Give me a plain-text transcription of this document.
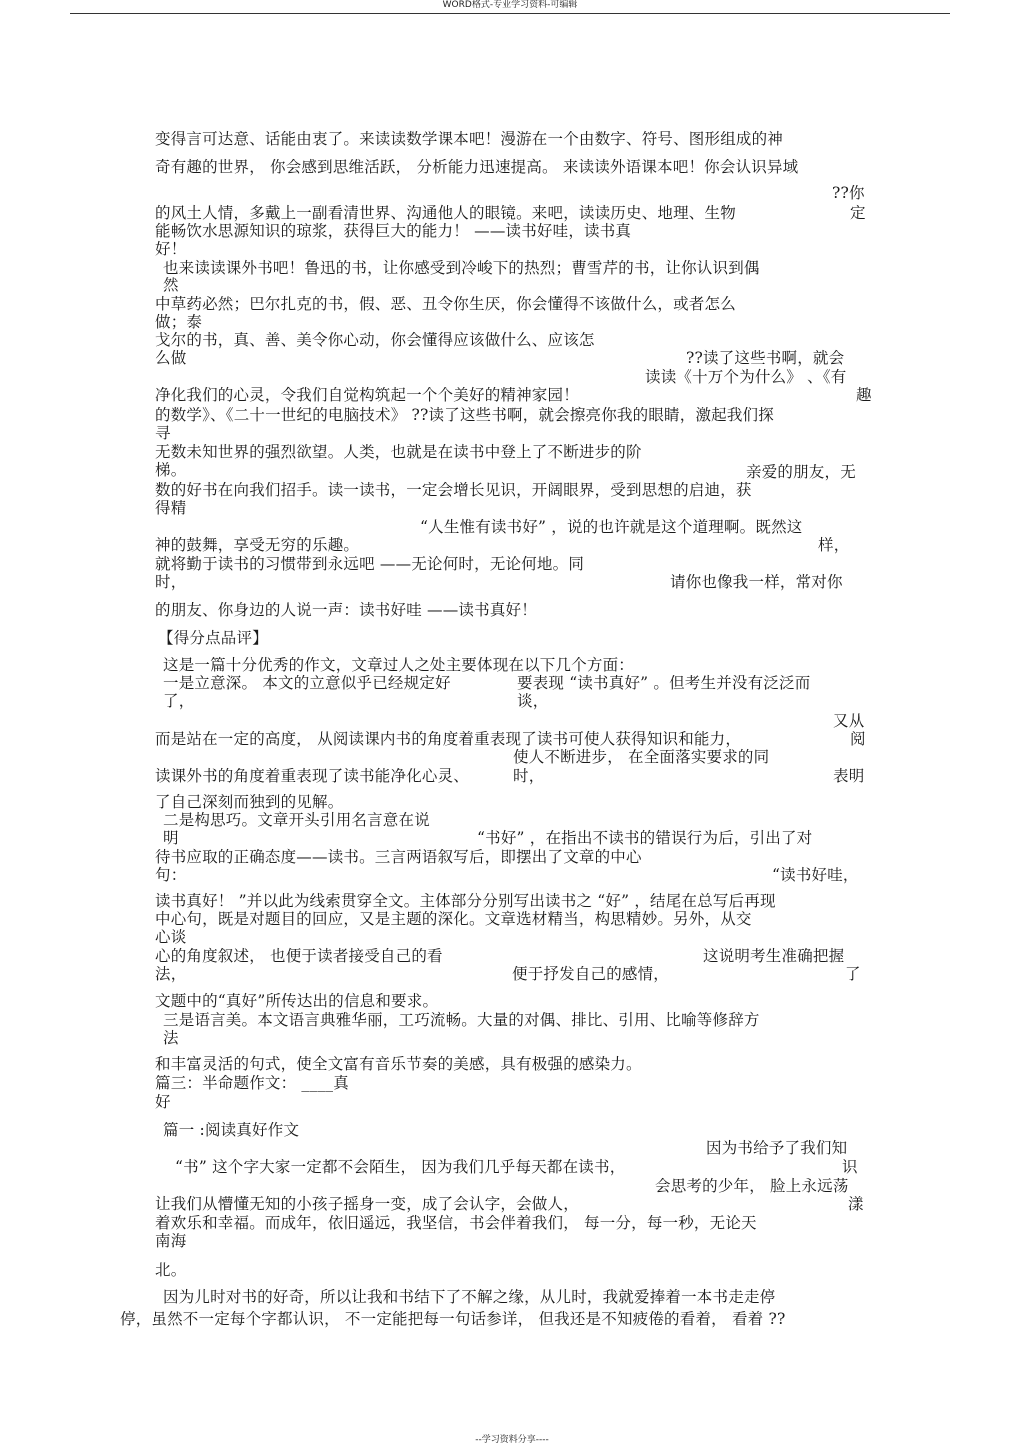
WORD格式-专业学习资料-可编辑
变得言可达意、话能由衷了。来读读数学课本吧！漫游在一个由数字、符号、图形组成的神
奇有趣的世界， 你会感到思维活跃， 分析能力迅速提高。 来读读外语课本吧！你会认识异域
??你
的风土人情，多戴上一副看清世界、沟通他人的眼镜。来吧，读读历史、地理、生物	定
能畅饮水思源知识的琼浆，获得巨大的能力！ ——读书好哇，读书真
好！
也来读读课外书吧！鲁迅的书，让你感受到冷峻下的热烈；曹雪芹的书，让你认识到偶
然
中草药必然；巴尔扎克的书，假、恶、丑令你生厌，你会懂得不该做什么，或者怎么
做；泰
戈尔的书，真、善、美令你心动，你会懂得应该做什么、应该怎
么做	??读了这些书啊，就会
读读《十万个为什么》 、《有
净化我们的心灵，令我们自觉构筑起一个个美好的精神家园！	趣
的数学》、《二十一世纪的电脑技术》 ??读了这些书啊，就会擦亮你我的眼睛，激起我们探
寻
无数未知世界的强烈欲望。人类，也就是在读书中登上了不断进步的阶
梯。	亲爱的朋友，无
数的好书在向我们招手。读一读书，一定会增长见识，开阔眼界，受到思想的启迪，获
得精
“人生惟有读书好” ，说的也许就是这个道理啊。既然这
神的鼓舞，享受无穷的乐趣。	样，
就将勤于读书的习惯带到永远吧 ——无论何时，无论何地。同
时，	请你也像我一样，常对你
的朋友、你身边的人说一声：读书好哇 ——读书真好！
【得分点品评】
这是一篇十分优秀的作文，文章过人之处主要体现在以下几个方面：
一是立意深。 本文的立意似乎已经规定好	要表现 “读书真好” 。但考生并没有泛泛而
了，	谈，
又从
而是站在一定的高度， 从阅读课内书的角度着重表现了读书可使人获得知识和能力，	阅
使人不断进步， 在全面落实要求的同
读课外书的角度着重表现了读书能净化心灵、	时，	表明
了自己深刻而独到的见解。
二是构思巧。文章开头引用名言意在说
明	“书好” ，在指出不读书的错误行为后，引出了对
待书应取的正确态度——读书。三言两语叙写后，即摆出了文章的中心
句：	“读书好哇，
读书真好！ ”并以此为线索贯穿全文。主体部分分别写出读书之 “好” ，结尾在总写后再现
中心句，既是对题目的回应，又是主题的深化。文章选材精当，构思精妙。另外，从交
心谈
心的角度叙述， 也便于读者接受自己的看	这说明考生准确把握
法，	便于抒发自己的感情，	了
文题中的“真好”所传达出的信息和要求。
三是语言美。本文语言典雅华丽，工巧流畅。大量的对偶、排比、引用、比喻等修辞方
法
和丰富灵活的句式，使全文富有音乐节奏的美感，具有极强的感染力。
篇三：半命题作文： ____真
好
篇一 :阅读真好作文
因为书给予了我们知
“书” 这个字大家一定都不会陌生， 因为我们几乎每天都在读书，	识
会思考的少年， 脸上永远荡
让我们从懵懂无知的小孩子摇身一变，成了会认字，会做人，	漾
着欢乐和幸福。而成年，依旧遥远，我坚信，书会伴着我们， 每一分，每一秒，无论天
南海
北。
因为儿时对书的好奇，所以让我和书结下了不解之缘，从儿时，我就爱捧着一本书走走停
停，虽然不一定每个字都认识， 不一定能把每一句话参详， 但我还是不知疲倦的看着， 看着 ??
--学习资料分享----
